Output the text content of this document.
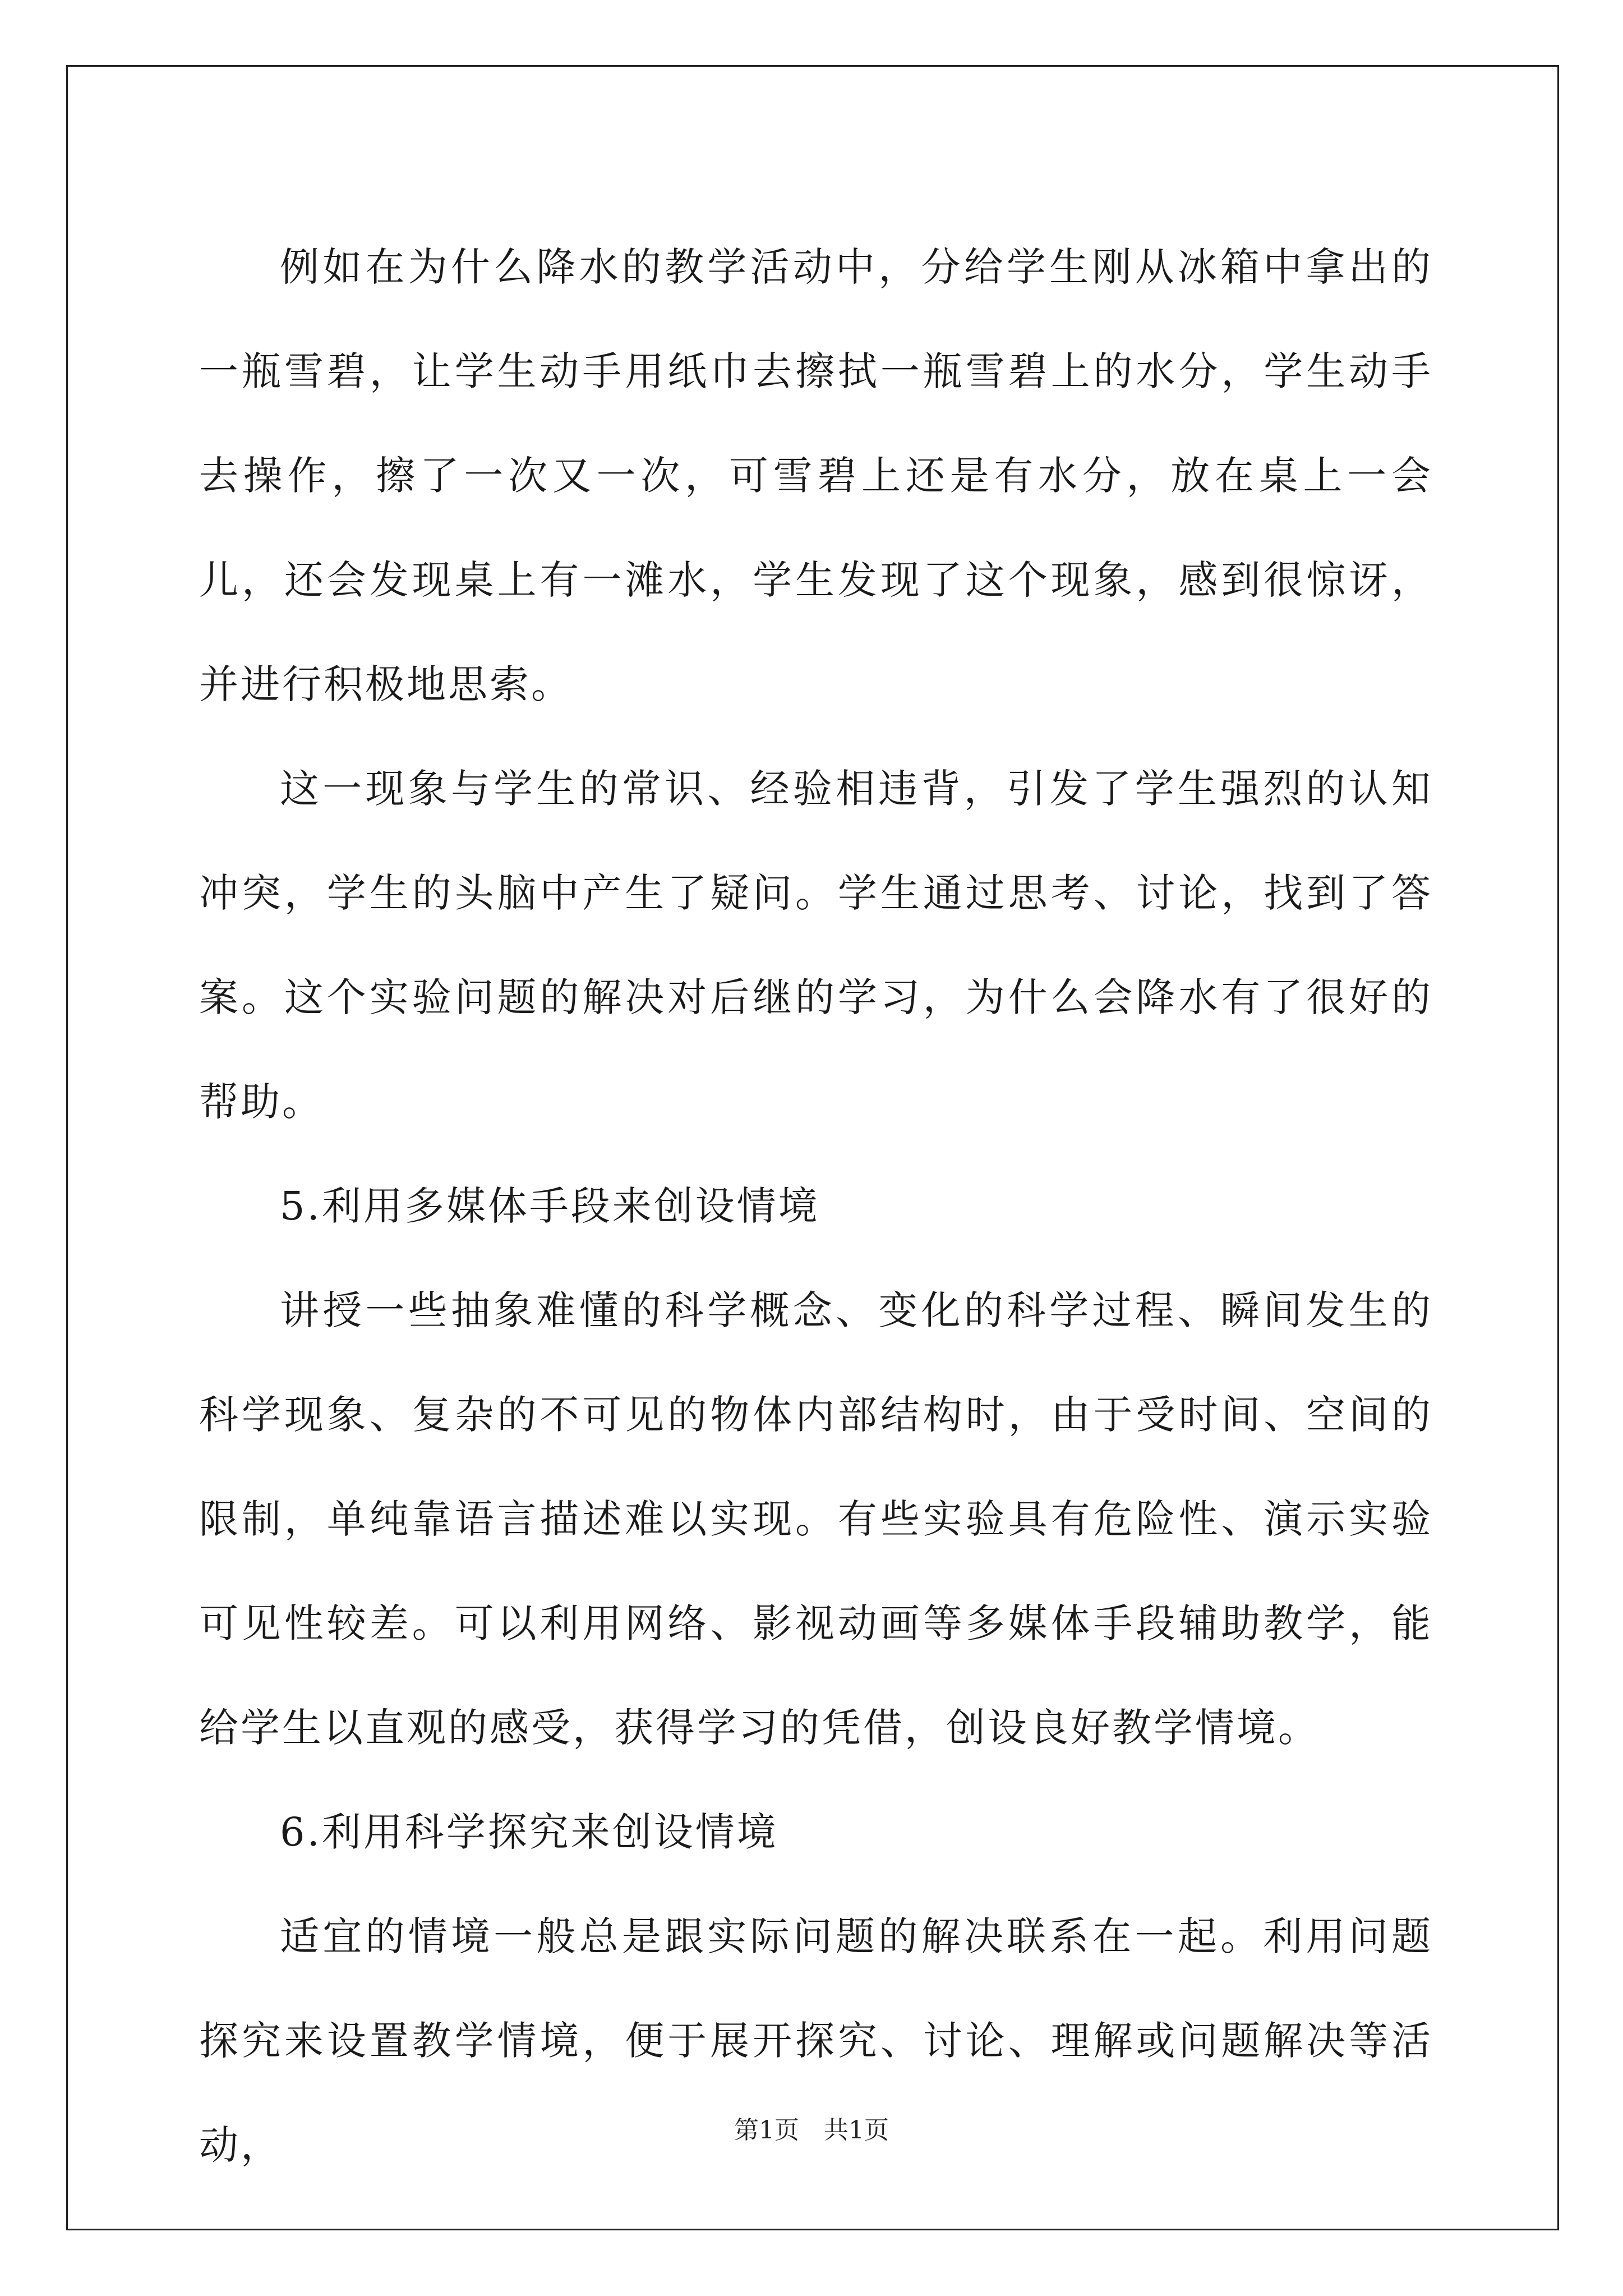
例如在为什么降水的教学活动中，分给学生刚从冰箱中拿出的一瓶雪碧，让学生动手用纸巾去擦拭一瓶雪碧上的水分，学生动手去操作，擦了一次又一次，可雪碧上还是有水分，放在桌上一会儿，还会发现桌上有一滩水，学生发现了这个现象，感到很惊讶，并进行积极地思索。

这一现象与学生的常识、经验相违背，引发了学生强烈的认知冲突，学生的头脑中产生了疑问。学生通过思考、讨论，找到了答案。这个实验问题的解决对后继的学习，为什么会降水有了很好的帮助。

5.利用多媒体手段来创设情境

讲授一些抽象难懂的科学概念、变化的科学过程、瞬间发生的科学现象、复杂的不可见的物体内部结构时，由于受时间、空间的限制，单纯靠语言描述难以实现。有些实验具有危险性、演示实验可见性较差。可以利用网络、影视动画等多媒体手段辅助教学，能给学生以直观的感受，获得学习的凭借，创设良好教学情境。

6.利用科学探究来创设情境

适宜的情境一般总是跟实际问题的解决联系在一起。利用问题探究来设置教学情境，便于展开探究、讨论、理解或问题解决等活动，	第1页　共1页
